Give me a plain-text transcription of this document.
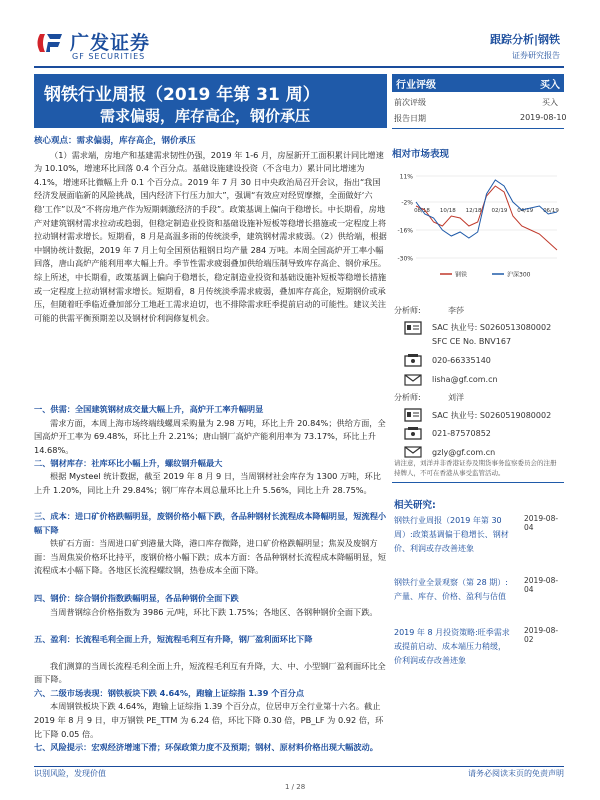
广发证券
GF SECURITIES
跟踪分析|钢铁
证券研究报告
钢铁行业周报（2019 年第 31 周）
需求偏弱，库存高企，钢价承压
行业评级	买入
前次评级	买入
报告日期	2019-08-10
相对市场表现
11%
-2%
-16%
-30%
08/18 10/18 12/18 02/19 04/19 06/19
钢铁	沪深300
分析师:	李莎
SAC 执业号: S0260513080002
SFC CE No. BNV167
020-66335140
lisha@gf.com.cn
分析师:	刘洋
SAC 执业号: S0260519080002
021-87570852
gzly@gf.com.cn
请注意，刘洋并非香港证券及期货事务监察委员会的注册持牌人，不可在香港从事受监管活动。
相关研究:
钢铁行业周报（2019 年第 30 周）:政策基调偏于稳增长、钢材价、利润或存改善迹象
2019-08-04
钢铁行业全景观察（第 28 期）:产量、库存、价格、盈利与估值
2019-08-04
2019 年 8 月投资策略:旺季需求或提前启动、成本端压力稍缓，价利润或存改善迹象
2019-08-02
核心观点：需求偏弱，库存高企，钢价承压

（1）需求端，房地产和基建需求韧性仍强，2019 年 1-6 月，房屋新开工面积累计同比增速为 10.10%，增速环比回落 0.4 个百分点。基础设施建设投资（不含电力）累计同比增速为 4.1%，增速环比微幅上升 0.1 个百分点。2019 年 7 月 30 日中央政治局召开会议，指出“我国经济发展面临新的风险挑战，国内经济下行压力加大”，强调“有效应对经贸摩擦，全面做好‘六稳’工作”以及“不将房地产作为短期刺激经济的手段”。政策基调上偏向于稳增长。中长期看，房地产对建筑钢材需求拉动或趋弱，但稳定制造业投资和基础设施补短板等稳增长措施或一定程度上将拉动钢材需求增长。短期看，8 月是高温多雨的传统淡季，建筑钢材需求疲弱。（2）供给端，根据中钢协统计数据，2019 年 7 月上旬全国预估粗钢日均产量 284 万吨。本周全国高炉开工率小幅回落，唐山高炉产能利用率大幅上升。季节性需求疲弱叠加供给端压制导致库存高企、钢价承压。综上所述，中长期看，政策基调上偏向于稳增长，稳定制造业投资和基础设施补短板等稳增长措施或一定程度上拉动钢材需求增长。短期看，8 月传统淡季需求疲弱，叠加库存高企，短期钢价或承压，但随着旺季临近叠加部分工地赶工需求迫切，也不排除需求旺季提前启动的可能性。建议关注可能的供需平衡预期差以及钢材价利润修复机会。

一、供需：全国建筑钢材成交量大幅上升，高炉开工率升幅明显

需求方面，本周上海市场终端线螺周采购量为 2.98 万吨，环比上升 20.84%；供给方面，全国高炉开工率为 69.48%，环比上升 2.21%；唐山钢厂高炉产能利用率为 73.17%，环比上升 14.68%。

二、钢材库存：社库环比小幅上升，螺纹钢升幅最大

根据 Mysteel 统计数据，截至 2019 年 8 月 9 日，当周钢材社会库存为 1300 万吨，环比上升 1.20%，同比上升 29.84%；钢厂库存本周总量环比上升 5.56%，同比上升 28.75%。

三、成本：进口矿价格跌幅明显，废钢价格小幅下跌，各品种钢材长流程成本降幅明显，短流程小幅下降

铁矿石方面：当周进口矿到港量大降，港口库存微降，进口矿价格跌幅明显；焦炭及废钢方面：当周焦炭价格环比持平，废钢价格小幅下跌；成本方面：各品种钢材长流程成本降幅明显，短流程成本小幅下降。各地区长流程螺纹钢，热卷成本全面下降。

四、钢价：综合钢价指数跌幅明显，各品种钢价全面下跌

当周普钢综合价格指数为 3986 元/吨，环比下跌 1.75%；各地区、各钢种钢价全面下跌。

五、盈利：长流程毛利全面上升，短流程毛利互有升降，钢厂盈利面环比下降

我们测算的当周长流程毛利全面上升，短流程毛利互有升降，大、中、小型钢厂盈利面环比全面下降。

六、二级市场表现：钢铁板块下跌 4.64%，跑输上证综指 1.39 个百分点

本周钢铁板块下跌 4.64%，跑输上证综指 1.39 个百分点，位居申万全行业第十六名。截止 2019 年 8 月 9 日，申万钢铁 PE_TTM 为 6.24 倍，环比下降 0.30 倍，PB_LF 为 0.92 倍，环比下降 0.05 倍。

七、风险提示：宏观经济增速下滑；环保政策力度不及预期；钢材、原材料价格出现大幅波动。
识别风险，发现价值	请务必阅读末页的免责声明
1 / 28
